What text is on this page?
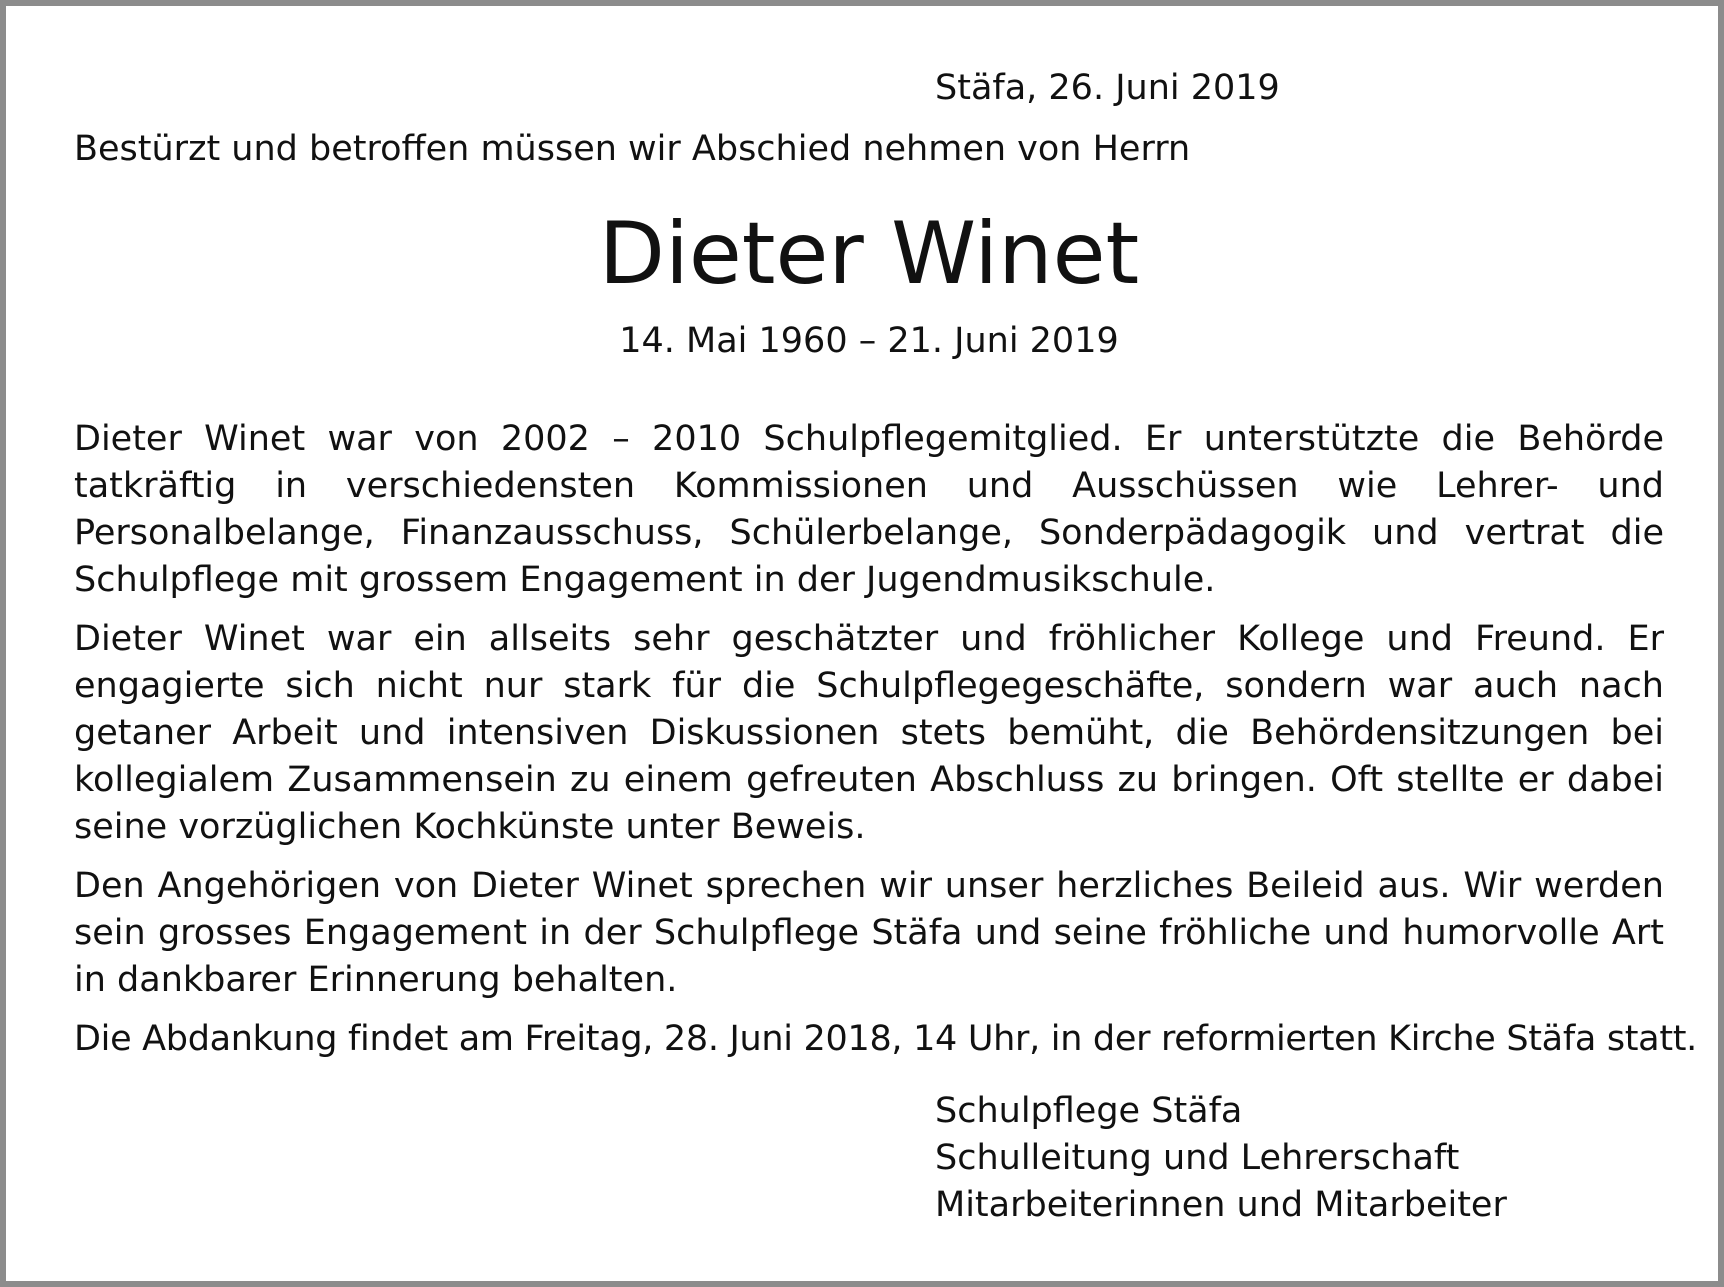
Stäfa, 26. Juni 2019
Bestürzt und betroffen müssen wir Abschied nehmen von Herrn
Dieter Winet
14. Mai 1960 – 21. Juni 2019

Dieter Winet war von 2002 – 2010 Schulpflegemitglied. Er unterstützte die Behörde tatkräftig in verschiedensten Kommissionen und Ausschüssen wie Lehrer- und Personalbelange, Finanzausschuss, Schülerbelange, Sonderpädagogik und vertrat die Schulpflege mit grossem Engagement in der Jugendmusikschule.

Dieter Winet war ein allseits sehr geschätzter und fröhlicher Kollege und Freund. Er engagierte sich nicht nur stark für die Schulpflegegeschäfte, sondern war auch nach getaner Arbeit und intensiven Diskussionen stets bemüht, die Behördensitzungen bei kollegialem Zusammensein zu einem gefreuten Abschluss zu bringen. Oft stellte er dabei seine vorzüglichen Kochkünste unter Beweis.

Den Angehörigen von Dieter Winet sprechen wir unser herzliches Beileid aus. Wir werden sein grosses Engagement in der Schulpflege Stäfa und seine fröhliche und humorvolle Art in dankbarer Erinnerung behalten.

Die Abdankung findet am Freitag, 28. Juni 2018, 14 Uhr, in der reformierten Kirche Stäfa statt.

Schulpflege Stäfa
Schulleitung und Lehrerschaft
Mitarbeiterinnen und Mitarbeiter
